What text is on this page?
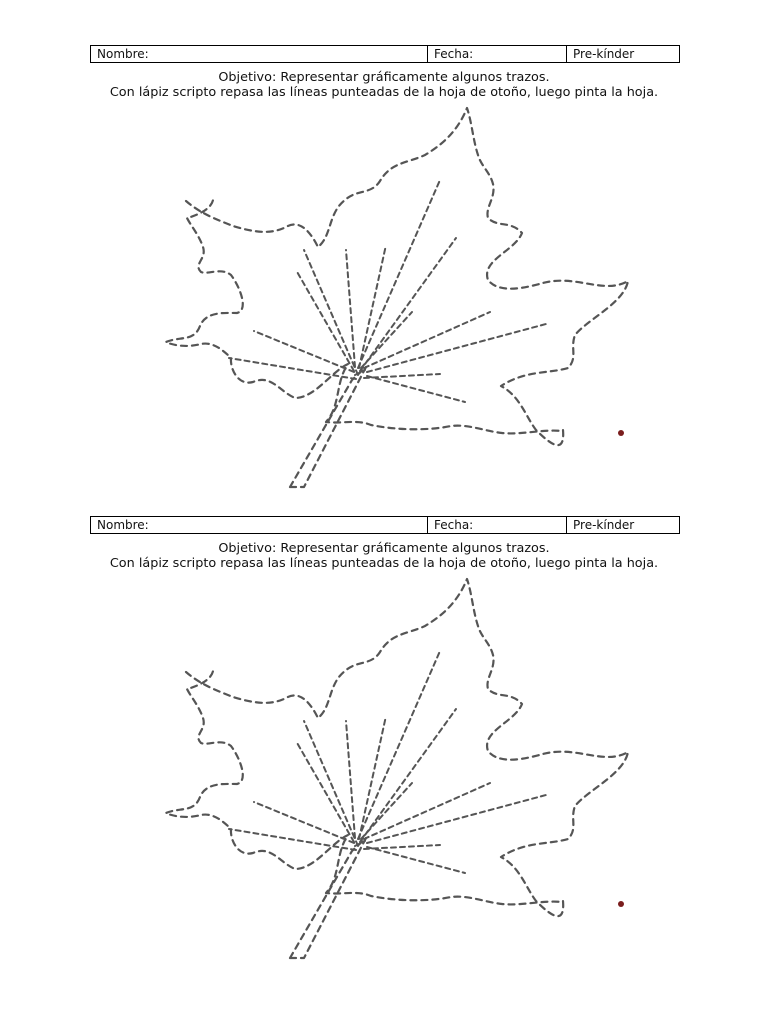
Nombre:	Fecha:	Pre-kínder
Objetivo: Representar gráficamente algunos trazos.
Con lápiz scripto repasa las líneas punteadas de la hoja de otoño, luego pinta la hoja.
Nombre:	Fecha:	Pre-kínder
Objetivo: Representar gráficamente algunos trazos.
Con lápiz scripto repasa las líneas punteadas de la hoja de otoño, luego pinta la hoja.
